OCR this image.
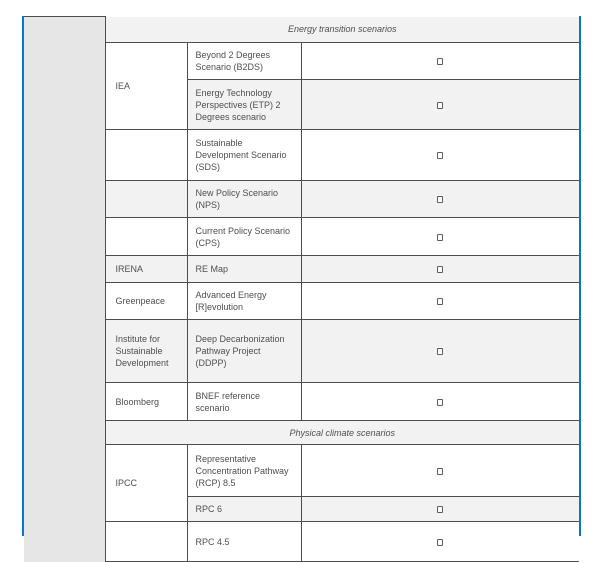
	Energy transition scenarios		
	IEA	Beyond 2 Degrees Scenario (B2DS)	
		Energy Technology Perspectives (ETP) 2 Degrees scenario	
		Sustainable Development Scenario (SDS)	
		New Policy Scenario (NPS)	
		Current Policy Scenario (CPS)	
	IRENA	RE Map	
	Greenpeace	Advanced Energy [R]evolution	
	Institute for Sustainable Development	Deep Decarbonization Pathway Project (DDPP)	
	Bloomberg	BNEF reference scenario	
	Physical climate scenarios		
	IPCC	Representative Concentration Pathway (RCP) 8.5	
		RPC 6	
		RPC 4.5	
